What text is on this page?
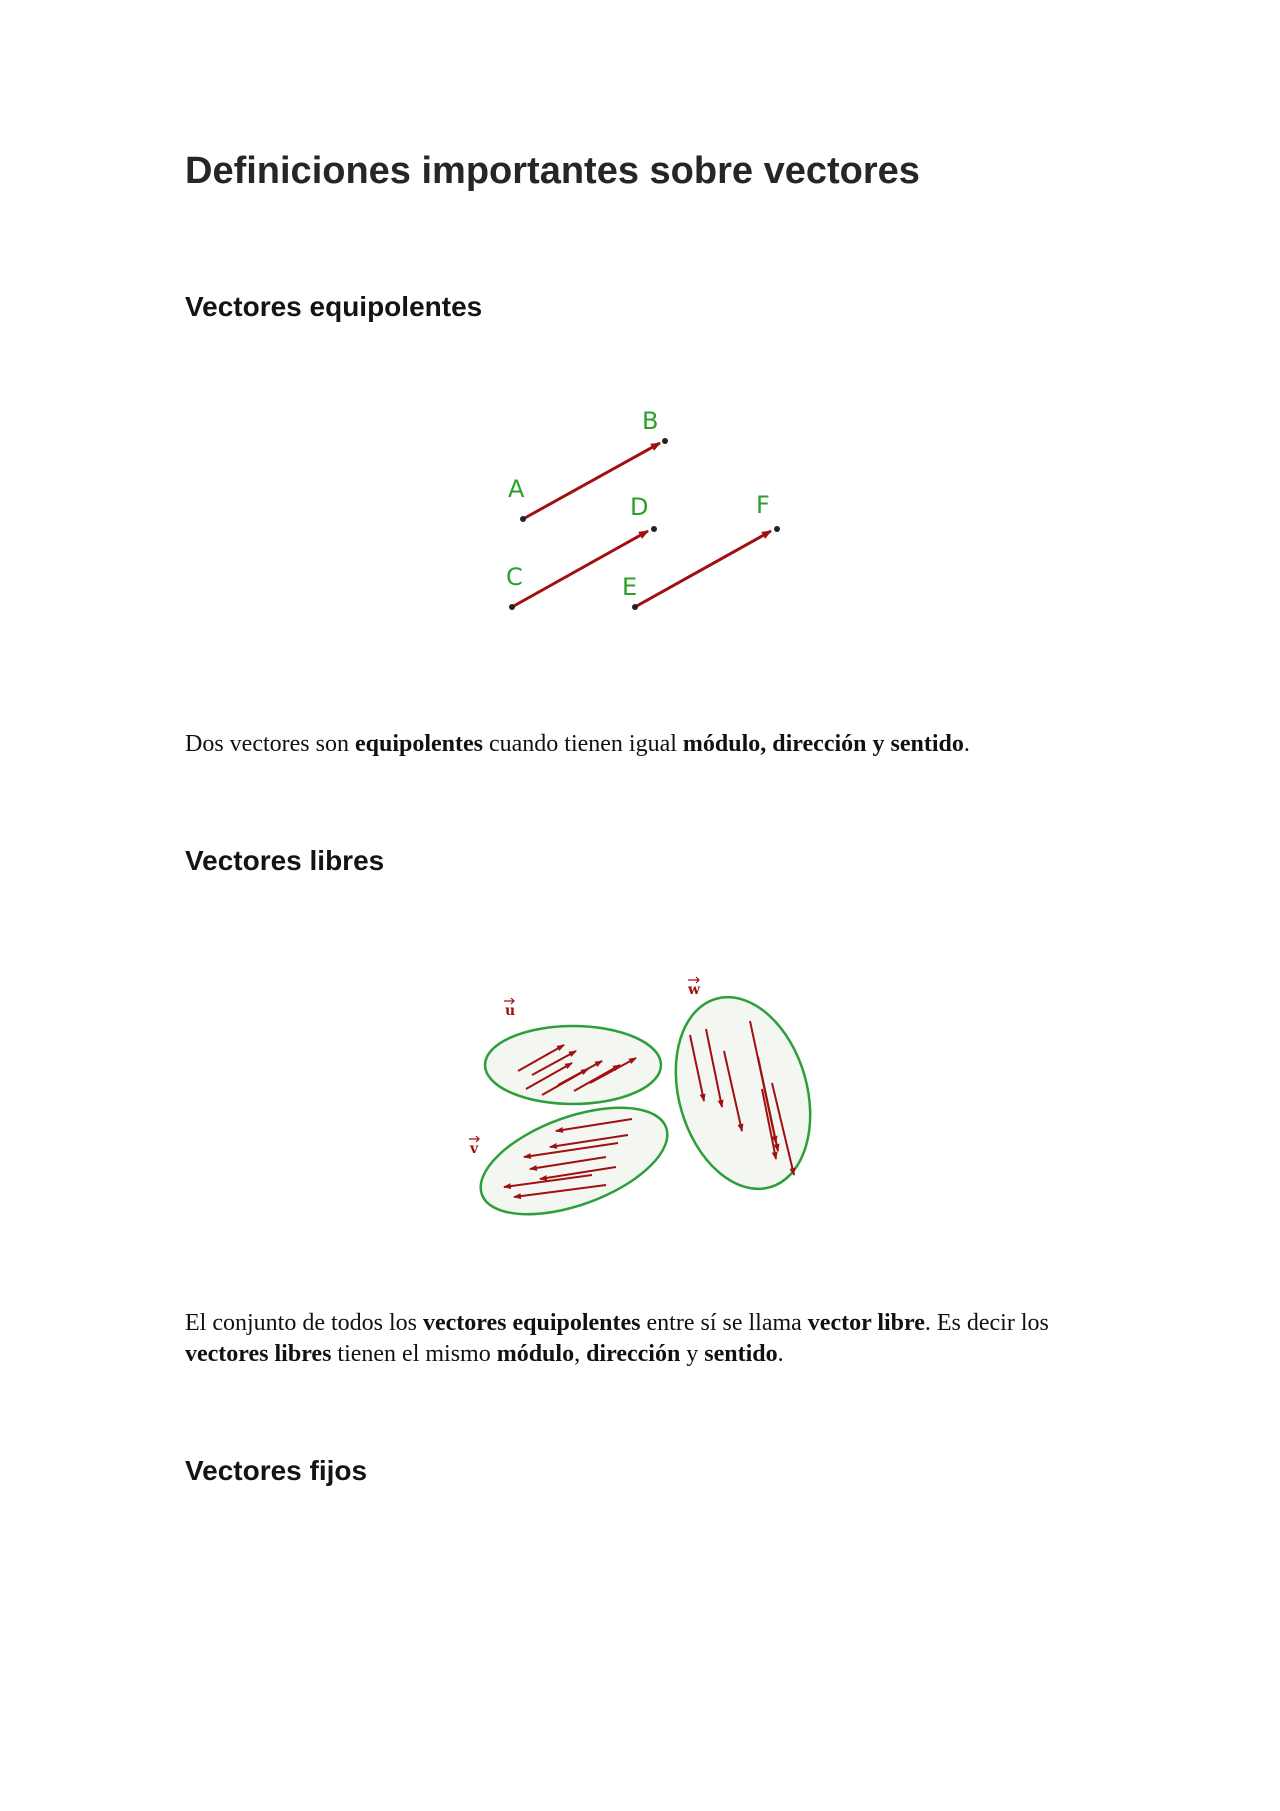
Definiciones importantes sobre vectores
Vectores equipolentes
A
B
C
D
E
F

Dos vectores son equipolentes cuando tienen igual módulo, dirección y sentido.

Vectores libres
u
v
w

El conjunto de todos los vectores equipolentes entre sí se llama vector libre. Es decir los vectores libres tienen el mismo módulo, dirección y sentido.

Vectores fijos
